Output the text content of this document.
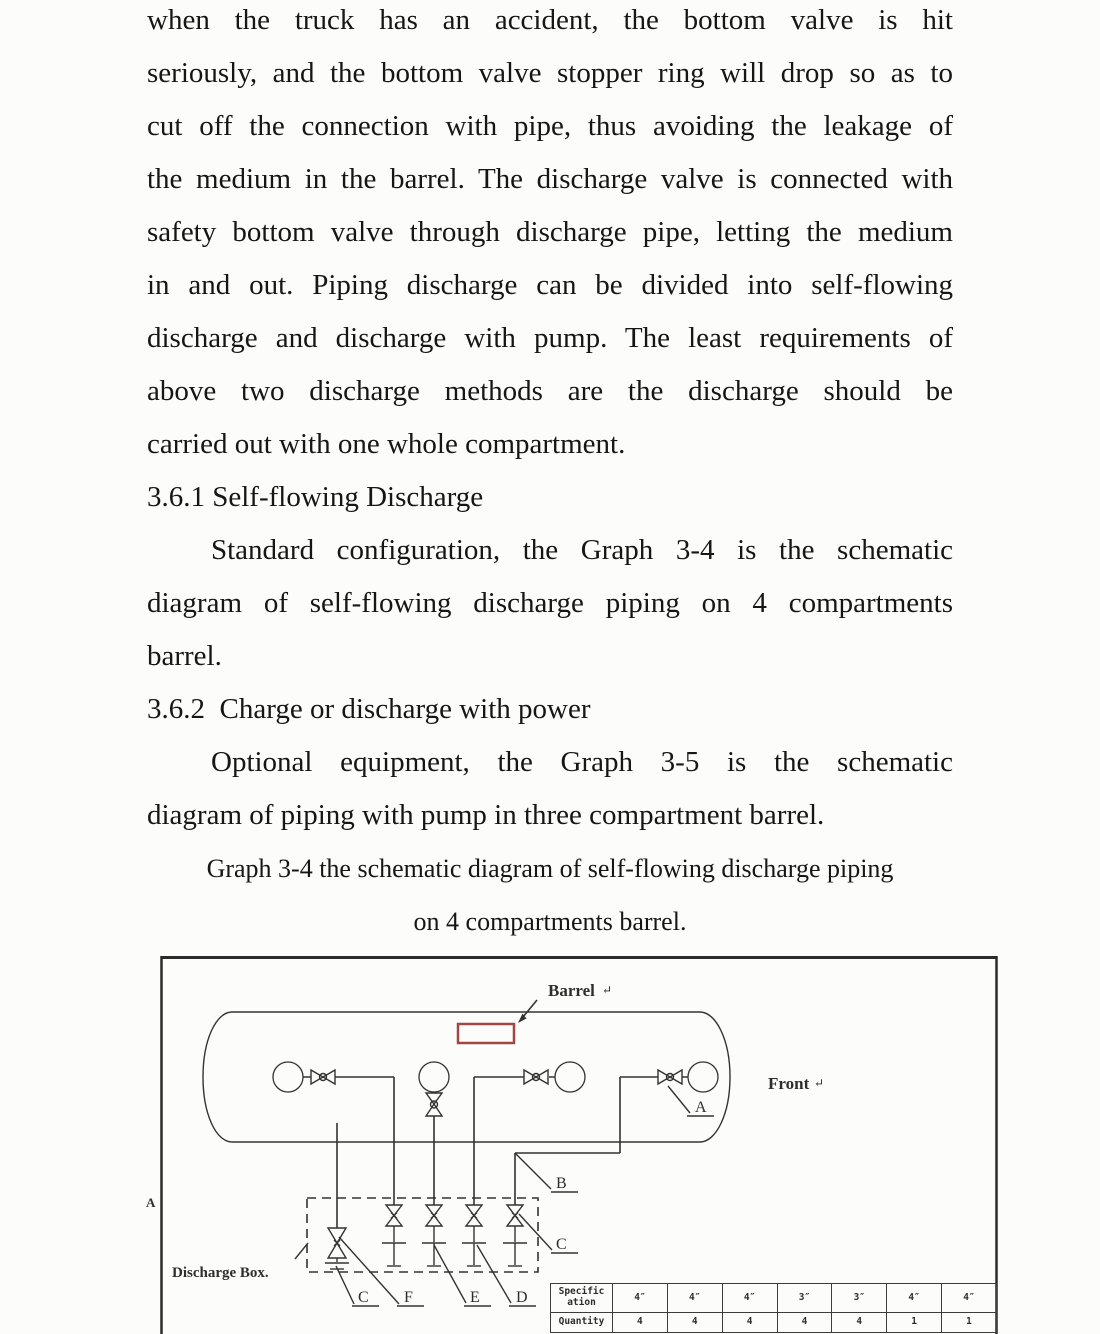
when the truck has an accident, the bottom valve is hit
seriously, and the bottom valve stopper ring will drop so as to
cut off the connection with pipe, thus avoiding the leakage of
the medium in the barrel. The discharge valve is connected with
safety bottom valve through discharge pipe, letting the medium
in and out. Piping discharge can be divided into self-flowing
discharge and discharge with pump. The least requirements of
above two discharge methods are the discharge should be
carried out with one whole compartment.
3.6.1 Self-flowing Discharge
Standard configuration, the Graph 3-4 is the schematic
diagram of self-flowing discharge piping on 4 compartments
barrel.
3.6.2  Charge or discharge with power
Optional equipment, the Graph 3-5 is the schematic
diagram of piping with pump in three compartment barrel.
Graph 3-4 the schematic diagram of self-flowing discharge piping
on 4 compartments barrel.
Barrel ↵
Front ↵
A
B
C
C F	E D
Discharge Box.
A
Specific
ation	4″	4″	4″	3″	3″	4″	4″
Quantity	4	4	4	4	4	1	1
